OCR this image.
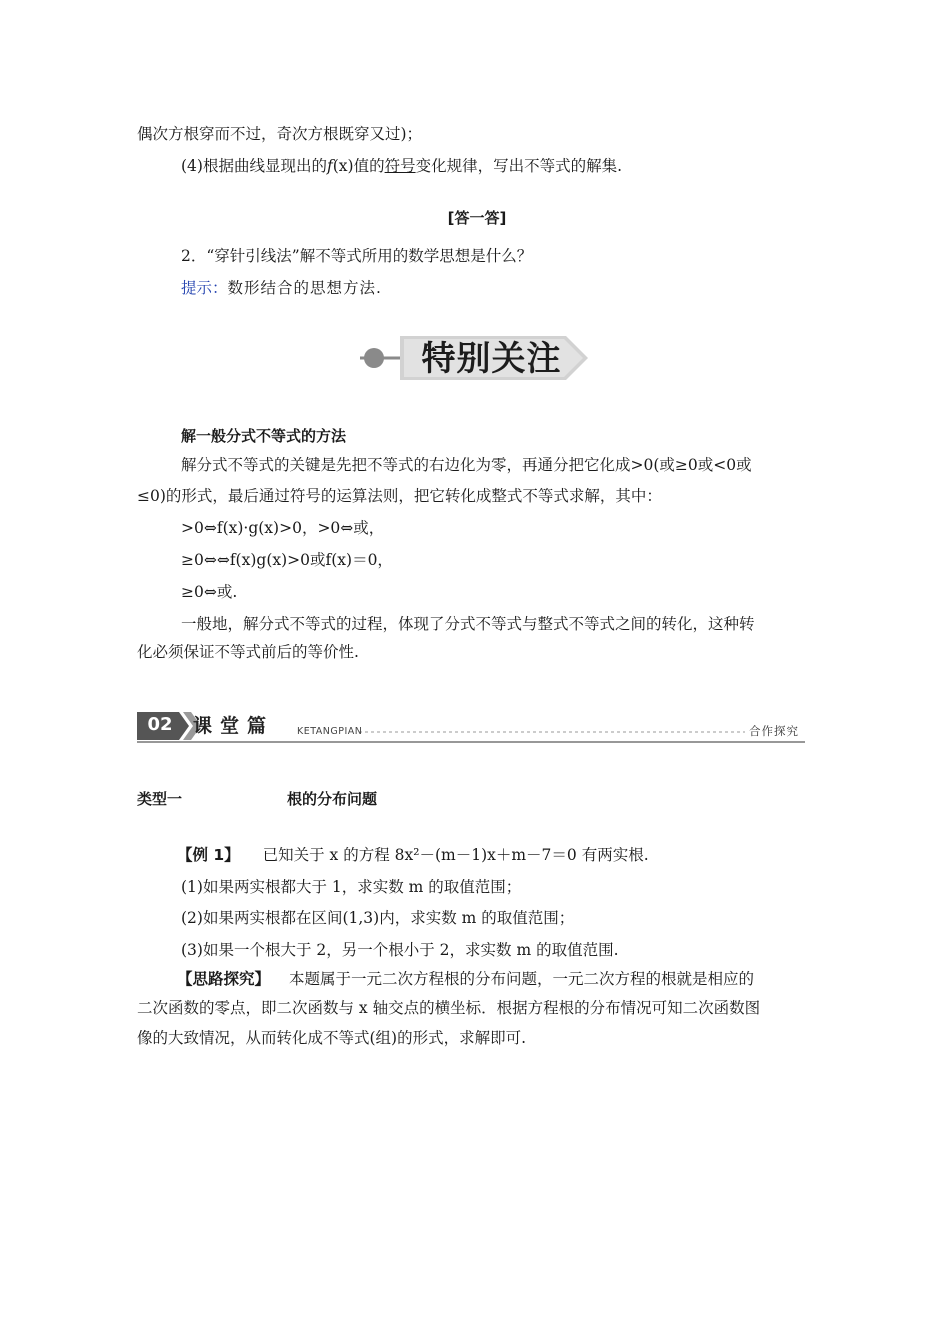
偶次方根穿而不过，奇次方根既穿又过)；
(4)根据曲线显现出的f(x)值的符号变化规律，写出不等式的解集.
[答一答]
2．“穿针引线法”解不等式所用的数学思想是什么？
提示：数形结合的思想方法.
特别关注
解一般分式不等式的方法
解分式不等式的关键是先把不等式的右边化为零，再通分把它化成>0(或≥0或<0或
≤0)的形式，最后通过符号的运算法则，把它转化成整式不等式求解，其中：
>0⇔f(x)·g(x)>0，>0⇔或，
≥0⇔⇔f(x)g(x)>0或f(x)＝0，
≥0⇔或.
一般地，解分式不等式的过程，体现了分式不等式与整式不等式之间的转化，这种转
化必须保证不等式前后的等价性.
02 课堂篇 KETANGPIAN	合作探究
类型一	根的分布问题
【例 1】 已知关于 x 的方程 8x²－(m－1)x＋m－7＝0 有两实根.
(1)如果两实根都大于 1，求实数 m 的取值范围；
(2)如果两实根都在区间(1,3)内，求实数 m 的取值范围；
(3)如果一个根大于 2，另一个根小于 2，求实数 m 的取值范围.
【思路探究】 本题属于一元二次方程根的分布问题，一元二次方程的根就是相应的
二次函数的零点，即二次函数与 x 轴交点的横坐标．根据方程根的分布情况可知二次函数图
像的大致情况，从而转化成不等式(组)的形式，求解即可.
